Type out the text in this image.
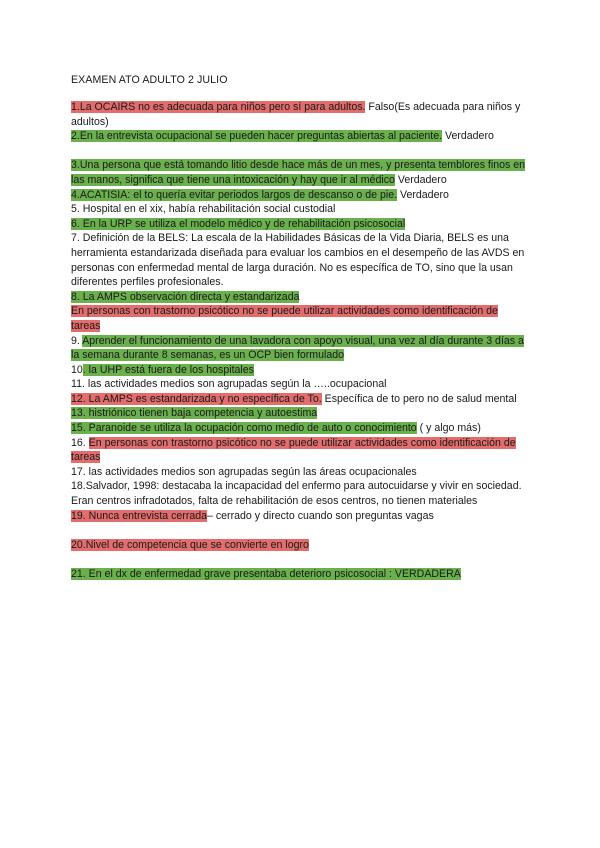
EXAMEN ATO ADULTO 2 JULIO

1.La OCAIRS no es adecuada para niños pero sí para adultos. Falso(Es adecuada para niños y adultos)

2.En la entrevista ocupacional se pueden hacer preguntas abiertas al paciente. Verdadero

3.Una persona que está tomando litio desde hace más de un mes, y presenta temblores finos en las manos, significa que tiene una intoxicación y hay que ir al médico Verdadero

4.ACATISIA: el to quería evitar periodos largos de descanso o de pie. Verdadero

5. Hospital en el xix, había rehabilitación social custodial

6. En la URP se utiliza el modelo médico y de rehabilitación psicosocial

7. Definición de la BELS: La escala de la Habilidades Básicas de la Vida Diaria, BELS es una herramienta estandarizada diseñada para evaluar los cambios en el desempeño de las AVDS en personas con enfermedad mental de larga duración. No es específica de TO, sino que la usan diferentes perfiles profesionales.

8. La AMPS observación directa y estandarizada

En personas con trastorno psicótico no se puede utilizar actividades como identificación de tareas

9. Aprender el funcionamiento de una lavadora con apoyo visual, una vez al día durante 3 días a la semana durante 8 semanas, es un OCP bien formulado

10. la UHP está fuera de los hospitales

11. las actividades medios son agrupadas según la …..ocupacional

12. La AMPS es estandarizada y no específica de To. Específica de to pero no de salud mental

13. histriónico tienen baja competencia y autoestima

15. Paranoide se utiliza la ocupación como medio de auto o conocimiento ( y algo más)

16. En personas con trastorno psicótico no se puede utilizar actividades como identificación de tareas

17. las actividades medios son agrupadas según las áreas ocupacionales

18.Salvador, 1998: destacaba la incapacidad del enfermo para autocuidarse y vivir en sociedad. Eran centros infradotados, falta de rehabilitación de esos centros, no tienen materiales

19. Nunca entrevista cerrada– cerrado y directo cuando son preguntas vagas

20.Nivel de competencia que se convierte en logro

21. En el dx de enfermedad grave presentaba deterioro psicosocial : VERDADERA
